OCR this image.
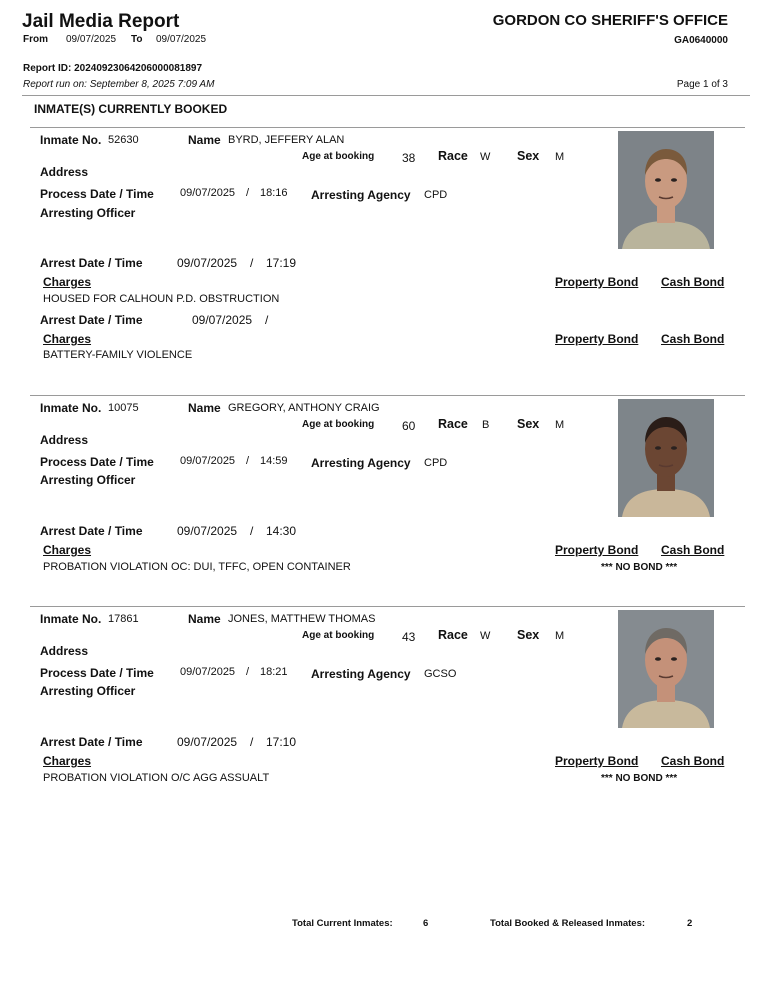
Jail Media Report
From 09/07/2025 To 09/07/2025
GORDON CO SHERIFF'S OFFICE
GA0640000
Report ID: 20240923064206000081897
Report run on: September 8, 2025 7:09 AM	Page 1 of 3
INMATE(S) CURRENTLY BOOKED
Inmate No. 52630	Name BYRD, JEFFERY ALAN
Age at booking 38 Race W Sex M
Address
Process Date / Time 09/07/2025 / 18:16 Arresting Agency CPD
Arresting Officer
Arrest Date / Time	09/07/2025 / 17:19
Charges	Property Bond Cash Bond
HOUSED FOR CALHOUN P.D. OBSTRUCTION
Arrest Date / Time	09/07/2025 /
Charges	Property Bond Cash Bond
BATTERY-FAMILY VIOLENCE
Inmate No. 10075	Name GREGORY, ANTHONY CRAIG
Age at booking 60 Race B Sex M
Address
Process Date / Time 09/07/2025 / 14:59 Arresting Agency CPD
Arresting Officer
Arrest Date / Time	09/07/2025 / 14:30
Charges	Property Bond Cash Bond
PROBATION VIOLATION OC: DUI, TFFC, OPEN CONTAINER	*** NO BOND ***
Inmate No. 17861	Name JONES, MATTHEW THOMAS
Age at booking 43 Race W Sex M
Address
Process Date / Time 09/07/2025 / 18:21 Arresting Agency GCSO
Arresting Officer
Arrest Date / Time	09/07/2025 / 17:10
Charges	Property Bond Cash Bond
PROBATION VIOLATION O/C AGG ASSUALT	*** NO BOND ***
Total Current Inmates:	6	Total Booked & Released Inmates:	2
